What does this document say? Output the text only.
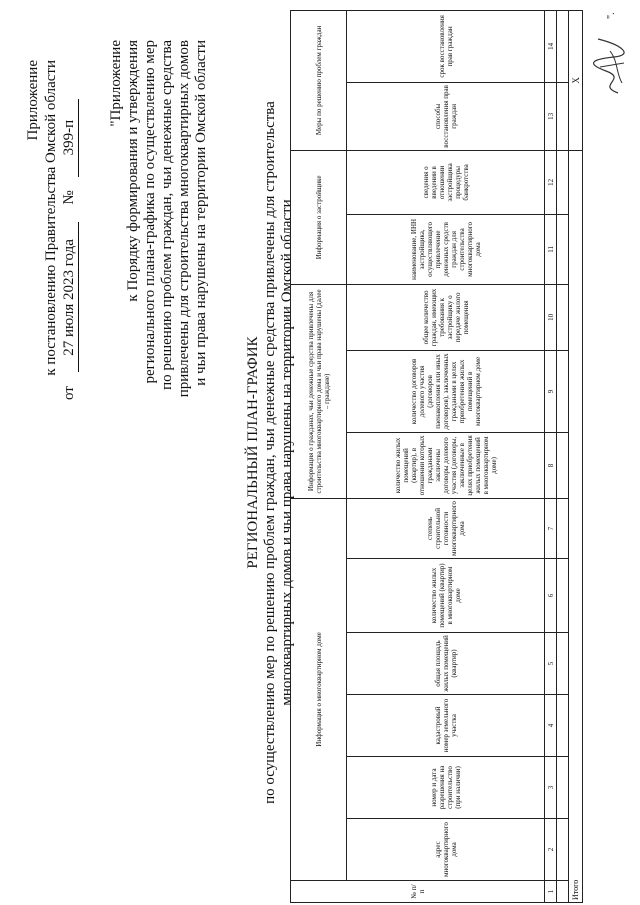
Приложение к постановлению Правительства Омской области
от 27 июля 2023 года № 399-п
"Приложение к Порядку формирования и утверждения регионального плана-графика по осуществлению мер по решению проблем граждан, чьи денежные средства привлечены для строительства многоквартирных домов и чьи права нарушены на территории Омской области
РЕГИОНАЛЬНЫЙ ПЛАН-ГРАФИК по осуществлению мер по решению проблем граждан, чьи денежные средства привлечены для строительства многоквартирных домов и чьи права нарушены на территории Омской области
№ п/п	Информация о многоквартирном доме						Информация о гражданах, чьи денежные средства привлечены для строительства многоквартирного дома и чьи права нарушены (далее – граждане)			Информация о застройщике		Меры по решению проблем граждан	
	адрес многоквартирного дома	номер и дата разрешения на строительство (при наличии)	кадастровый номер земельного участка	общая площадь жилых помещений (квартир)	количество жилых помещений (квартир) в многоквартирном доме	степень строительной готовности многоквартирного дома	количество жилых помещений (квартир), в отношении которых гражданами заключены договоры долевого участия (договоры, заключенные в целях приобретения жилых помещений в многоквартирном доме)	количество договоров долевого участия (договоров паенакопления или иных договоров), заключенных гражданами в целях приобретения жилых помещений в многоквартирном доме	общее количество граждан, имеющих требования к застройщику о передаче жилого помещения	наименование, ИНН застройщика, осуществляющего привлечение денежных средств граждан для строительства многоквартирного дома	сведения о введении в отношении застройщика процедуры банкротства	способы восстановления прав граждан	срок восстановления прав граждан
1	2	3	4	5	6	7	8	9	10	11	12	13	14

Итого												X	
".
